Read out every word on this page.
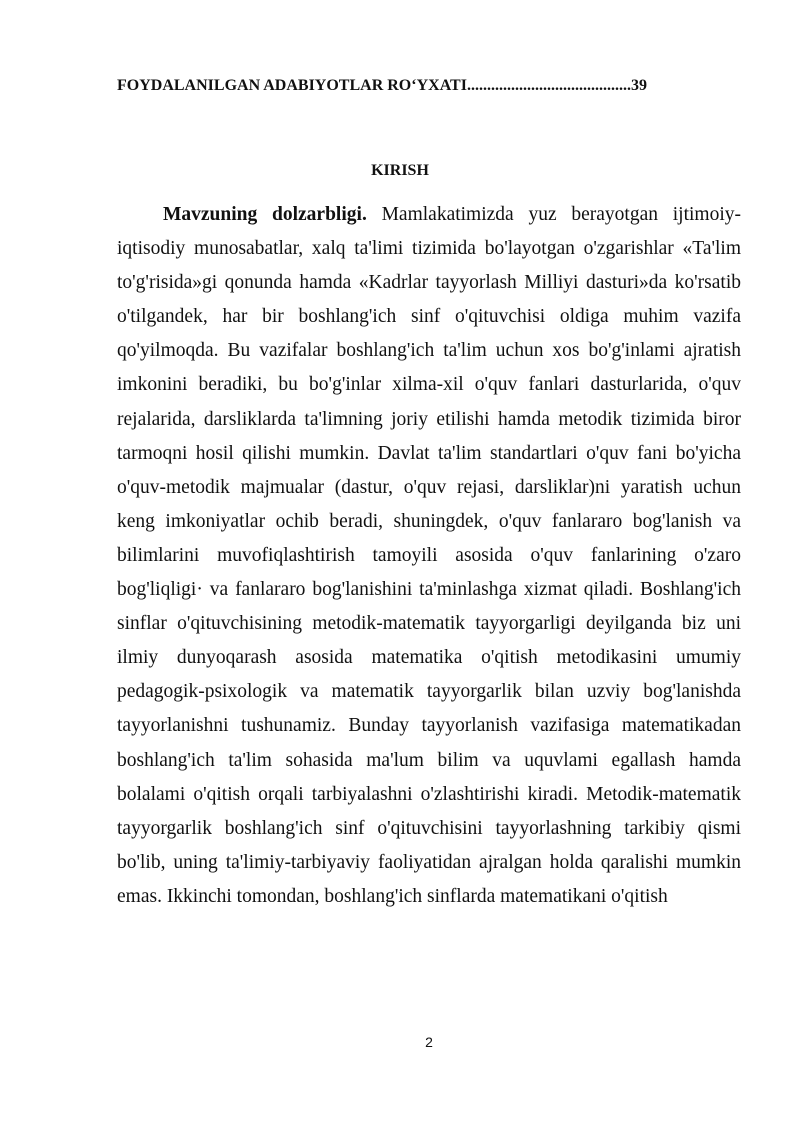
FOYDALANILGAN ADABIYOTLAR RO‘YXATI.........................................39
KIRISH

Mavzuning dolzarbligi. Mamlakatimizda yuz berayotgan ijtimoiy-iqtisodiy munosabatlar, xalq ta'limi tizimida bo'layotgan o'zgarishlar «Ta'lim to'g'risida»gi qonunda hamda «Kadrlar tayyorlash Milliyi dasturi»da ko'rsatib o'tilgandek, har bir boshlang'ich sinf o'qituvchisi oldiga muhim vazifa qo'yilmoqda. Bu vazifalar boshlang'ich ta'lim uchun xos bo'g'inlami ajratish imkonini beradiki, bu bo'g'inlar xilma-xil o'quv fanlari dasturlarida, o'quv rejalarida, darsliklarda ta'limning joriy etilishi hamda metodik tizimida biror tarmoqni hosil qilishi mumkin. Davlat ta'lim standartlari o'quv fani bo'yicha o'quv-metodik majmualar (dastur, o'quv rejasi, darsliklar)ni yaratish uchun keng imkoniyatlar ochib beradi, shuningdek, o'quv fanlararo bog'lanish va bilimlarini muvofiqlashtirish tamoyili asosida o'quv fanlarining o'zaro bog'liqligi· va fanlararo bog'lanishini ta'minlashga xizmat qiladi. Boshlang'ich sinflar o'qituvchisining metodik-matematik tayyorgarligi deyilganda biz uni ilmiy dunyoqarash asosida matematika o'qitish metodikasini umumiy pedagogik-psixologik va matematik tayyorgarlik bilan uzviy bog'lanishda tayyorlanishni tushunamiz. Bunday tayyorlanish vazifasiga matematikadan boshlang'ich ta'lim sohasida ma'lum bilim va uquvlami egallash hamda bolalami o'qitish orqali tarbiyalashni o'zlashtirishi kiradi. Metodik-matematik tayyorgarlik boshlang'ich sinf o'qituvchisini tayyorlashning tarkibiy qismi bo'lib, uning ta'limiy-tarbiyaviy faoliyatidan ajralgan holda qaralishi mumkin emas. Ikkinchi tomondan, boshlang'ich sinflarda matematikani o'qitish

2
